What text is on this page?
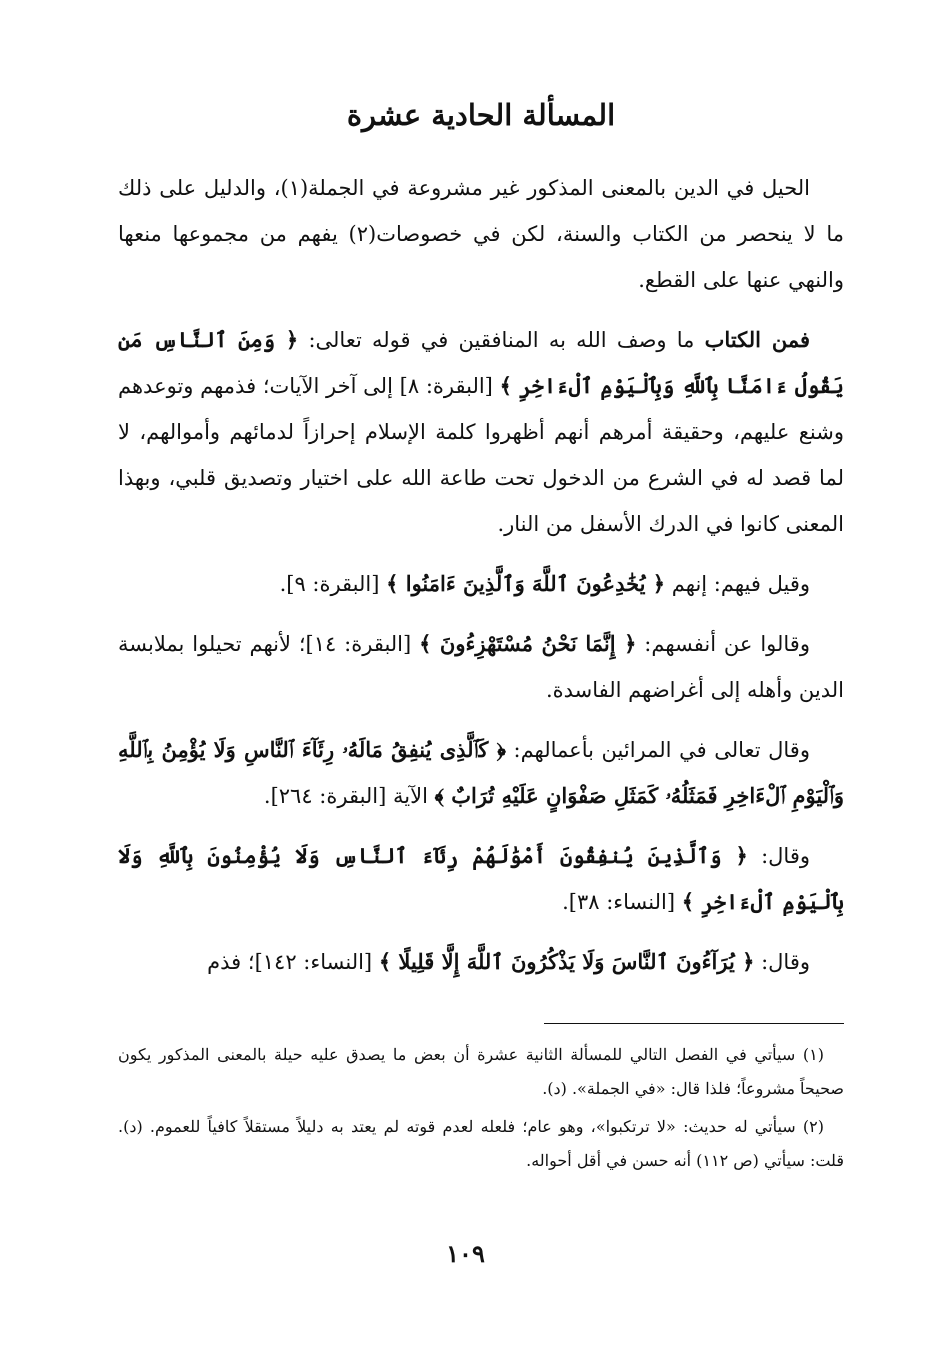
المسألة الحادية عشرة

الحيل في الدين بالمعنى المذكور غير مشروعة في الجملة(١)، والدليل على ذلك ما لا ينحصر من الكتاب والسنة، لكن في خصوصات(٢) يفهم من مجموعها منعها والنهي عنها على القطع.

فمن الكتاب ما وصف الله به المنافقين في قوله تعالى: ﴿ وَمِنَ ٱلنَّاسِ مَن يَقُولُ ءَامَنَّا بِٱللَّهِ وَبِٱلْيَوْمِ ٱلْءَاخِرِ ﴾ [البقرة: ٨] إلى آخر الآيات؛ فذمهم وتوعدهم وشنع عليهم، وحقيقة أمرهم أنهم أظهروا كلمة الإسلام إحرازاً لدمائهم وأموالهم، لا لما قصد له في الشرع من الدخول تحت طاعة الله على اختيار وتصديق قلبي، وبهذا المعنى كانوا في الدرك الأسفل من النار.

وقيل فيهم: إنهم ﴿ يُخَٰدِعُونَ ٱللَّهَ وَٱلَّذِينَ ءَامَنُوا ﴾ [البقرة: ٩].

وقالوا عن أنفسهم: ﴿ إِنَّمَا نَحْنُ مُسْتَهْزِءُونَ ﴾ [البقرة: ١٤]؛ لأنهم تحيلوا بملابسة الدين وأهله إلى أغراضهم الفاسدة.

وقال تعالى في المرائين بأعمالهم: ﴿ كَٱلَّذِى يُنفِقُ مَالَهُۥ رِئَآءَ ٱلنَّاسِ وَلَا يُؤْمِنُ بِٱللَّهِ وَٱلْيَوْمِ ٱلْءَاخِرِ فَمَثَلُهُۥ كَمَثَلِ صَفْوَانٍ عَلَيْهِ تُرَابٌ ﴾ الآية [البقرة: ٢٦٤].

وقال: ﴿ وَٱلَّذِينَ يُنفِقُونَ أَمْوَٰلَهُمْ رِئَآءَ ٱلنَّاسِ وَلَا يُؤْمِنُونَ بِٱللَّهِ وَلَا بِٱلْيَوْمِ ٱلْءَاخِرِ ﴾ [النساء: ٣٨].

وقال: ﴿ يُرَآءُونَ ٱلنَّاسَ وَلَا يَذْكُرُونَ ٱللَّهَ إِلَّا قَلِيلًا ﴾ [النساء: ١٤٢]؛ فذم

(١) سيأتي في الفصل التالي للمسألة الثانية عشرة أن بعض ما يصدق عليه حيلة بالمعنى المذكور يكون صحيحاً مشروعاً؛ فلذا قال: «في الجملة». (د).

(٢) سيأتي له حديث: «لا ترتكبوا»، وهو عام؛ فلعله لعدم قوته لم يعتد به دليلاً مستقلاً كافياً للعموم. (د). قلت: سيأتي (ص ١١٢) أنه حسن في أقل أحواله.

١٠٩
